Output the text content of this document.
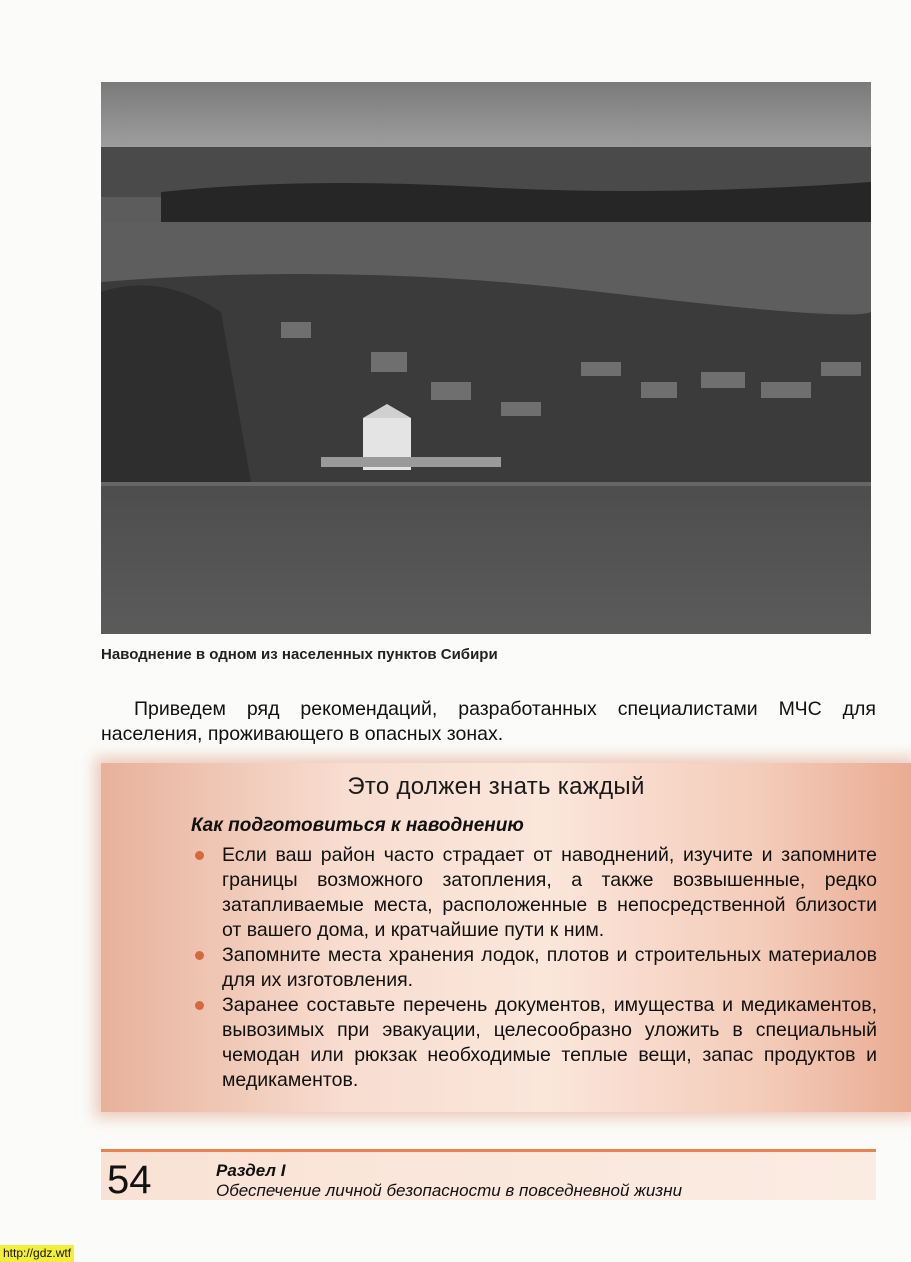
Наводнение в одном из населенных пунктов Сибири

Приведем ряд рекомендаций, разработанных специалистами МЧС для населения, проживающего в опасных зонах.

Это должен знать каждый
Как подготовиться к наводнению
Если ваш район часто страдает от наводнений, изучите и запомните границы возможного затопления, а также возвышенные, редко затапливаемые места, расположенные в непосредственной близости от вашего дома, и кратчайшие пути к ним.
Запомните места хранения лодок, плотов и строительных материалов для их изготовления.
Заранее составьте перечень документов, имущества и медикаментов, вывозимых при эвакуации, целесообразно уложить в специальный чемодан или рюкзак необходимые теплые вещи, запас продуктов и медикаментов.
54	Раздел I
Обеспечение личной безопасности в повседневной жизни
http://gdz.wtf
